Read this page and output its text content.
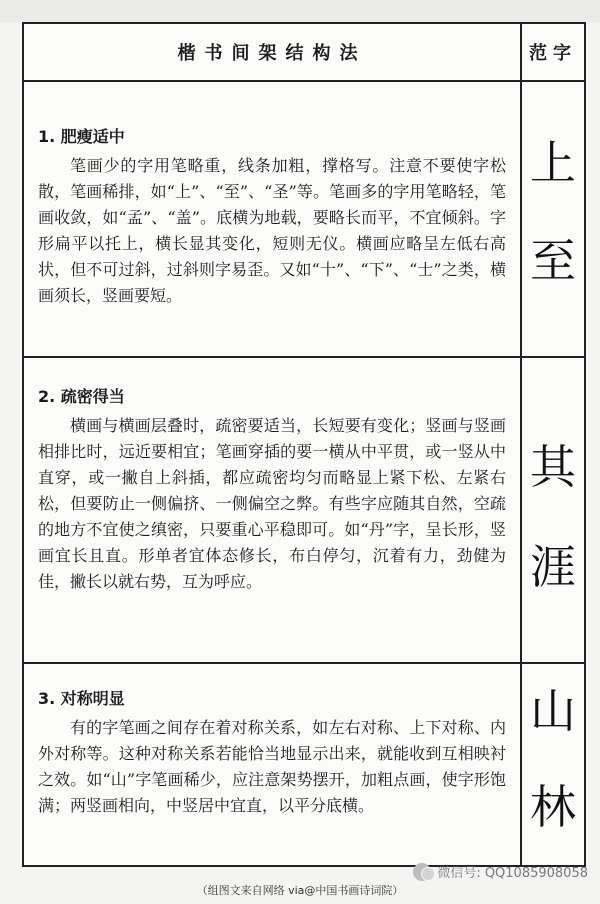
楷书间架结构法	范字

1. 肥瘦适中

笔画少的字用笔略重，线条加粗，撑格写。注意不要使字松散，笔画稀排，如“上”、“至”、“圣”等。笔画多的字用笔略轻，笔画收敛，如“孟”、“盖”。底横为地载，要略长而平，不宜倾斜。字形扁平以托上，横长显其变化，短则无仪。横画应略呈左低右高状，但不可过斜，过斜则字易歪。又如“十”、“下”、“士”之类，横画须长，竖画要短。

2. 疏密得当

横画与横画层叠时，疏密要适当，长短要有变化；竖画与竖画相排比时，远近要相宜；笔画穿插的要一横从中平贯，或一竖从中直穿，或一撇自上斜插，都应疏密均匀而略显上紧下松、左紧右松，但要防止一侧偏挤、一侧偏空之弊。有些字应随其自然，空疏的地方不宜使之缜密，只要重心平稳即可。如“丹”字，呈长形，竖画宜长且直。形单者宜体态修长，布白停匀，沉着有力，劲健为佳，撇长以就右势，互为呼应。

3. 对称明显

有的字笔画之间存在着对称关系，如左右对称、上下对称、内外对称等。这种对称关系若能恰当地显示出来，就能收到互相映衬之效。如“山”字笔画稀少，应注意架势摆开，加粗点画，使字形饱满；两竖画相向，中竖居中宜直，以平分底横。

上
至
其
涯
山
林
微信号: QQ1085908058
（组图文来自网络 via@中国书画诗词院）
